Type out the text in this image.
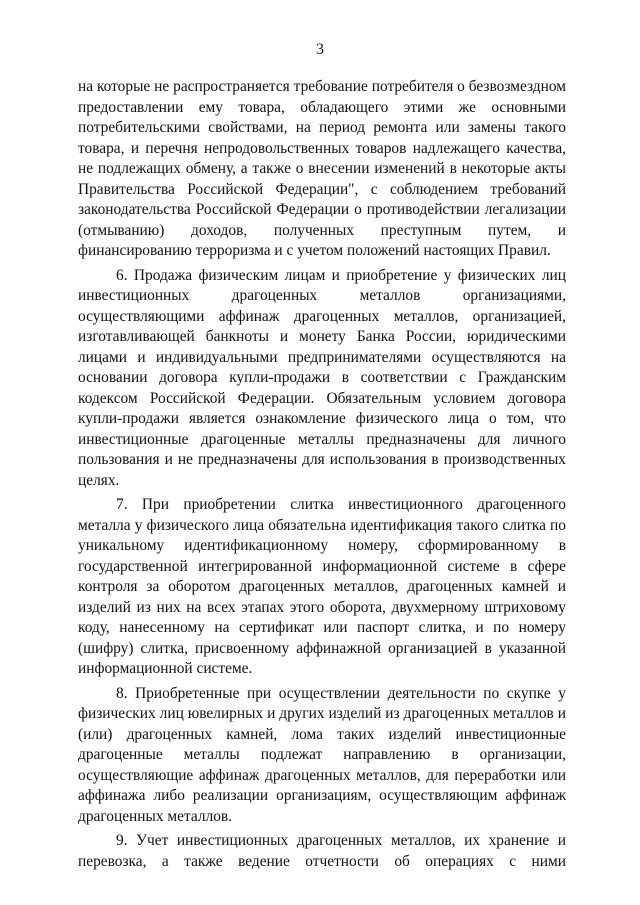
3

на которые не распространяется требование потребителя о безвозмездном предоставлении ему товара, обладающего этими же основными потребительскими свойствами, на период ремонта или замены такого товара, и перечня непродовольственных товаров надлежащего качества, не подлежащих обмену, а также о внесении изменений в некоторые акты Правительства Российской Федерации", с соблюдением требований законодательства Российской Федерации о противодействии легализации (отмыванию) доходов, полученных преступным путем, и финансированию терроризма и с учетом положений настоящих Правил.

6. Продажа физическим лицам и приобретение у физических лиц инвестиционных драгоценных металлов организациями, осуществляющими аффинаж драгоценных металлов, организацией, изготавливающей банкноты и монету Банка России, юридическими лицами и индивидуальными предпринимателями осуществляются на основании договора купли-продажи в соответствии с Гражданским кодексом Российской Федерации. Обязательным условием договора купли-продажи является ознакомление физического лица о том, что инвестиционные драгоценные металлы предназначены для личного пользования и не предназначены для использования в производственных целях.

7. При приобретении слитка инвестиционного драгоценного металла у физического лица обязательна идентификация такого слитка по уникальному идентификационному номеру, сформированному в государственной интегрированной информационной системе в сфере контроля за оборотом драгоценных металлов, драгоценных камней и изделий из них на всех этапах этого оборота, двухмерному штриховому коду, нанесенному на сертификат или паспорт слитка, и по номеру (шифру) слитка, присвоенному аффинажной организацией в указанной информационной системе.

8. Приобретенные при осуществлении деятельности по скупке у физических лиц ювелирных и других изделий из драгоценных металлов и (или) драгоценных камней, лома таких изделий инвестиционные драгоценные металлы подлежат направлению в организации, осуществляющие аффинаж драгоценных металлов, для переработки или аффинажа либо реализации организациям, осуществляющим аффинаж драгоценных металлов.

9. Учет инвестиционных драгоценных металлов, их хранение и перевозка, а также ведение отчетности об операциях с ними
